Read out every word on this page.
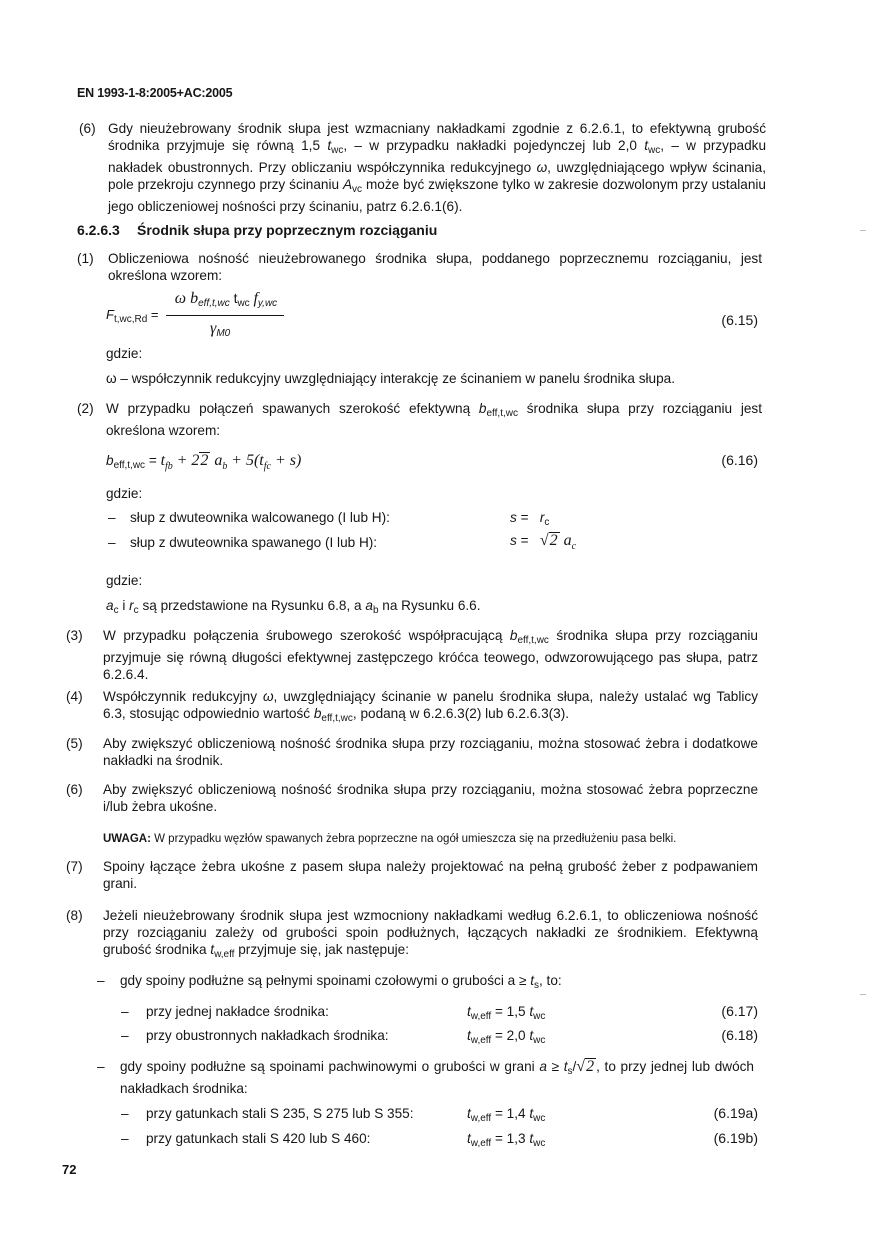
EN 1993-1-8:2005+AC:2005
(6) Gdy nieużebrowany środnik słupa jest wzmacniany nakładkami zgodnie z 6.2.6.1, to efektywną grubość środnika przyjmuje się równą 1,5 $t_{wc}$, – w przypadku nakładki pojedynczej lub 2,0 $t_{wc}$, – w przypadku nakładek obustronnych. Przy obliczaniu współczynnika redukcyjnego ω, uwzględniającego wpływ ścinania, pole przekroju czynnego przy ścinaniu $A_{vc}$ może być zwiększone tylko w zakresie dozwolonym przy ustalaniu jego obliczeniowej nośności przy ścinaniu, patrz 6.2.6.1(6).
6.2.6.3 Środnik słupa przy poprzecznym rozciąganiu
(1) Obliczeniowa nośność nieużebrowanego środnika słupa, poddanego poprzecznemu rozciąganiu, jest określona wzorem:
$F_{t,wc,Rd}$ =
ω $b_{eff,t,wc}$ $t_{wc}$ $f_{y,wc}$
$\gamma_{M0}$
(6.15)
gdzie:
ω – współczynnik redukcyjny uwzględniający interakcję ze ścinaniem w panelu środnika słupa.
(2) W przypadku połączeń spawanych szerokość efektywną $b_{eff,t,wc}$ środnika słupa przy rozciąganiu jest określona wzorem:
$b_{eff,t,wc} = t_{fb} + 22$ $a_b + 5(t_{fc} + s)$	(6.16)
gdzie:
– słup z dwuteownika walcowanego (I lub H):	$s = r_c$
– słup z dwuteownika spawanego (I lub H):	s =   √2 $a_c$
gdzie:
$a_c$ i $r_c$ są przedstawione na Rysunku 6.8, a $a_b$ na Rysunku 6.6.
(3) W przypadku połączenia śrubowego szerokość współpracującą $b_{eff,t,wc}$ środnika słupa przy rozciąganiu przyjmuje się równą długości efektywnej zastępczego króćca teowego, odwzorowującego pas słupa, patrz 6.2.6.4.
(4) Współczynnik redukcyjny ω, uwzględniający ścinanie w panelu środnika słupa, należy ustalać wg Tablicy 6.3, stosując odpowiednio wartość $b_{eff,t,wc}$, podaną w 6.2.6.3(2) lub 6.2.6.3(3).
(5) Aby zwiększyć obliczeniową nośność środnika słupa przy rozciąganiu, można stosować żebra i dodatkowe nakładki na środnik.
(6) Aby zwiększyć obliczeniową nośność środnika słupa przy rozciąganiu, można stosować żebra poprzeczne i/lub żebra ukośne.
UWAGA: W przypadku węzłów spawanych żebra poprzeczne na ogół umieszcza się na przedłużeniu pasa belki.
(7) Spoiny łączące żebra ukośne z pasem słupa należy projektować na pełną grubość żeber z podpawaniem grani.
(8) Jeżeli nieużebrowany środnik słupa jest wzmocniony nakładkami według 6.2.6.1, to obliczeniowa nośność przy rozciąganiu zależy od grubości spoin podłużnych, łączących nakładki ze środnikiem. Efektywną grubość środnika $t_{w,eff}$ przyjmuje się, jak następuje:
– gdy spoiny podłużne są pełnymi spoinami czołowymi o grubości $a \ge t_s$, to:
– przy jednej nakładce środnika:	$t_{w,eff} = 1,5$ $t_{wc}$	(6.17)
– przy obustronnych nakładkach środnika:	$t_{w,eff} = 2,0$ $t_{wc}$	(6.18)
– gdy spoiny podłużne są spoinami pachwinowymi o grubości w grani $a \ge t_s/√2$ , to przy jednej lub dwóch nakładkach środnika:
– przy gatunkach stali S 235, S 275 lub S 355:	$t_{w,eff} = 1,4$ $t_{wc}$	(6.19a)
– przy gatunkach stali S 420 lub S 460:	$t_{w,eff} = 1,3$ $t_{wc}$	(6.19b)
72
